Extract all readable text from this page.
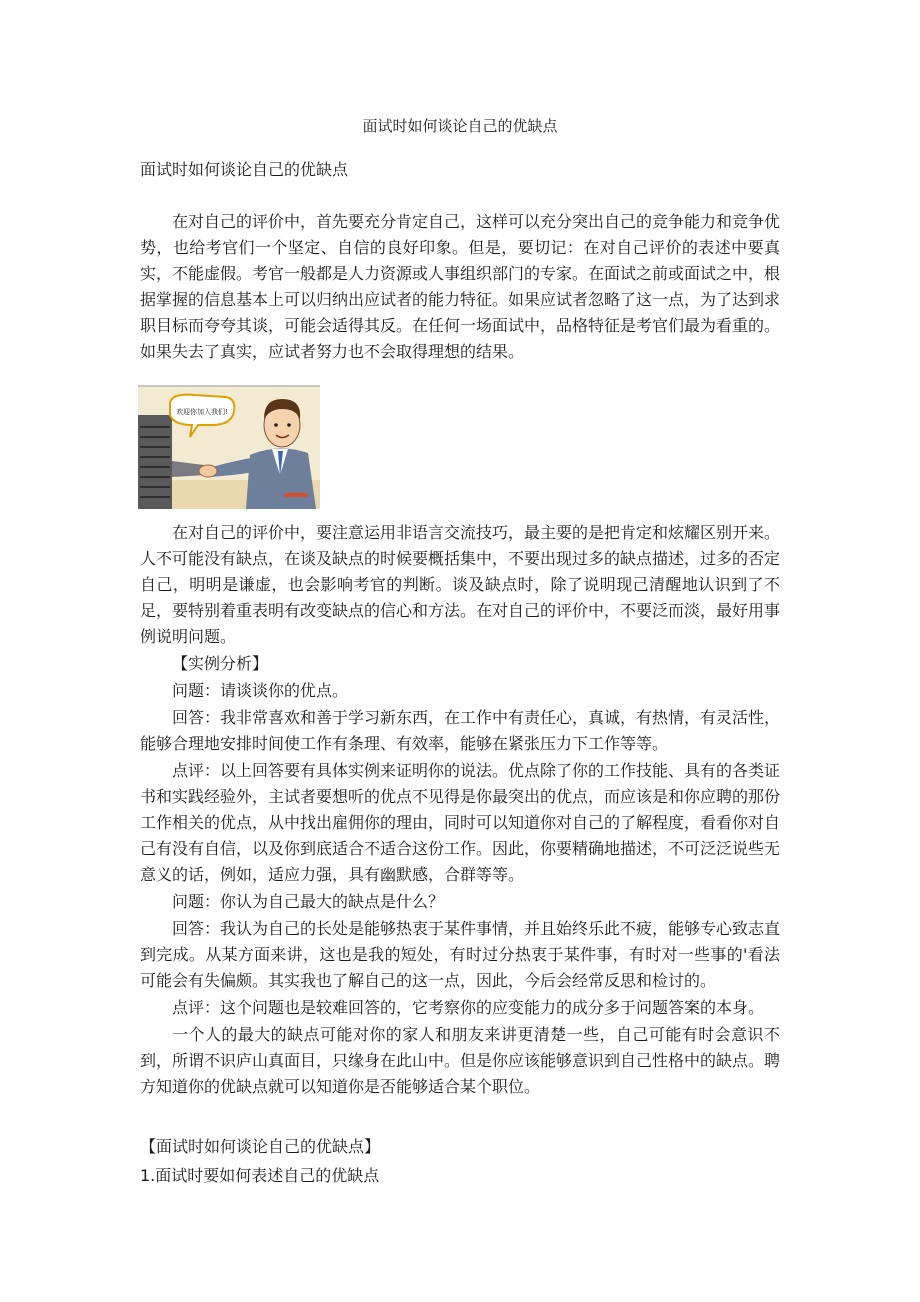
面试时如何谈论自己的优缺点
面试时如何谈论自己的优缺点

在对自己的评价中，首先要充分肯定自己，这样可以充分突出自己的竞争能力和竞争优势，也给考官们一个坚定、自信的良好印象。但是，要切记：在对自己评价的表述中要真实，不能虚假。考官一般都是人力资源或人事组织部门的专家。在面试之前或面试之中，根据掌握的信息基本上可以归纳出应试者的能力特征。如果应试者忽略了这一点，为了达到求职目标而夸夸其谈，可能会适得其反。在任何一场面试中，品格特征是考官们最为看重的。如果失去了真实，应试者努力也不会取得理想的结果。

欢迎你加入我们!

在对自己的评价中，要注意运用非语言交流技巧，最主要的是把肯定和炫耀区别开来。人不可能没有缺点，在谈及缺点的时候要概括集中，不要出现过多的缺点描述，过多的否定自己，明明是谦虚，也会影响考官的判断。谈及缺点时，除了说明现己清醒地认识到了不足，要特别着重表明有改变缺点的信心和方法。在对自己的评价中，不要泛而淡，最好用事例说明问题。

【实例分析】

问题：请谈谈你的优点。

回答：我非常喜欢和善于学习新东西，在工作中有责任心，真诚，有热情，有灵活性，能够合理地安排时间使工作有条理、有效率，能够在紧张压力下工作等等。

点评：以上回答要有具体实例来证明你的说法。优点除了你的工作技能、具有的各类证书和实践经验外，主试者要想听的优点不见得是你最突出的优点，而应该是和你应聘的那份工作相关的优点，从中找出雇佣你的理由，同时可以知道你对自己的了解程度，看看你对自己有没有自信，以及你到底适合不适合这份工作。因此，你要精确地描述，不可泛泛说些无意义的话，例如，适应力强，具有幽默感，合群等等。

问题：你认为自己最大的缺点是什么？

回答：我认为自己的长处是能够热衷于某件事情，并且始终乐此不疲，能够专心致志直到完成。从某方面来讲，这也是我的短处，有时过分热衷于某件事，有时对一些事的'看法可能会有失偏颇。其实我也了解自己的这一点，因此，今后会经常反思和检讨的。

点评：这个问题也是较难回答的，它考察你的应变能力的成分多于问题答案的本身。

一个人的最大的缺点可能对你的家人和朋友来讲更清楚一些，自己可能有时会意识不到，所谓不识庐山真面目，只缘身在此山中。但是你应该能够意识到自己性格中的缺点。聘方知道你的优缺点就可以知道你是否能够适合某个职位。

【面试时如何谈论自己的优缺点】
1.面试时要如何表述自己的优缺点
